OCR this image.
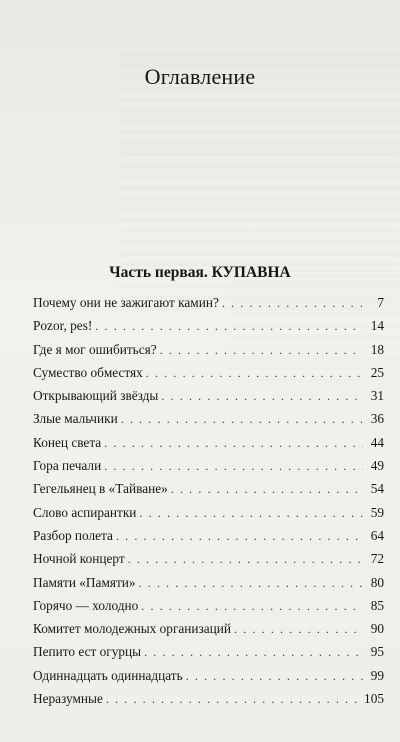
Оглавление
Часть первая. КУПАВНА
Почему они не зажигают камин? . . .	7
Pozor, pes! . . .	14
Где я мог ошибиться? . . .	18
Сумество обместях . . .	25
Открывающий звёзды . . .	31
Злые мальчики . . .	36
Конец света . . .	44
Гора печали . . .	49
Гегельянец в «Тайване» . . .	54
Слово аспирантки . . .	59
Разбор полета . . .	64
Ночной концерт . . .	72
Памяти «Памяти» . . .	80
Горячо — холодно . . .	85
Комитет молодежных организаций . . .	90
Пепито ест огурцы . . .	95
Одиннадцать одиннадцать . . .	99
Неразумные . . .	105
